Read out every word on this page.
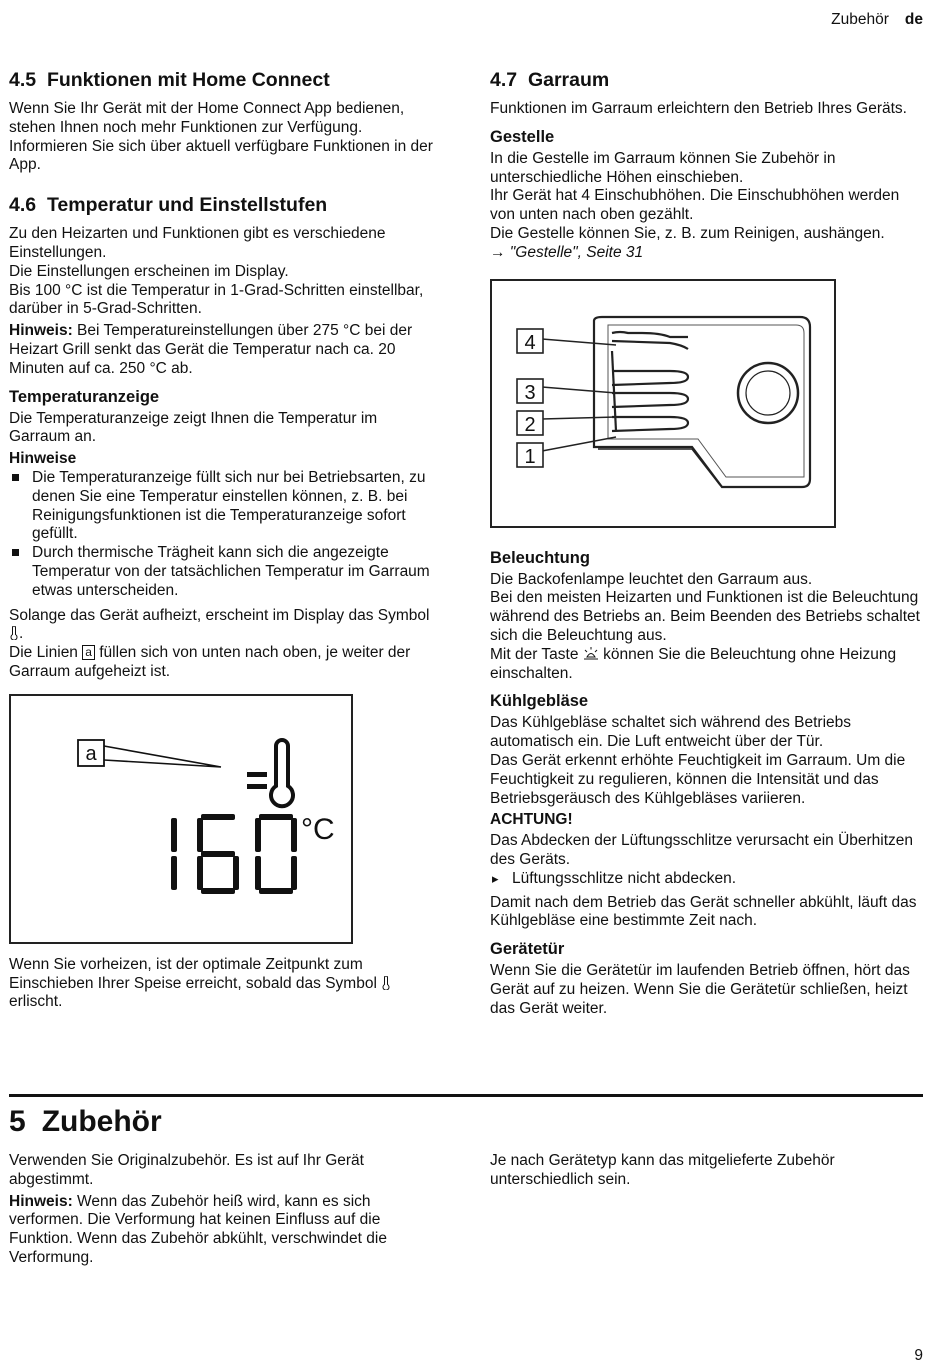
Zubehör de
4.5 Funktionen mit Home Connect

Wenn Sie Ihr Gerät mit der Home Connect App bedienen, stehen Ihnen noch mehr Funktionen zur Verfügung.

Informieren Sie sich über aktuell verfügbare Funktionen in der App.

4.6 Temperatur und Einstellstufen

Zu den Heizarten und Funktionen gibt es verschiedene Einstellungen.

Die Einstellungen erscheinen im Display.

Bis 100 °C ist die Temperatur in 1-Grad-Schritten einstellbar, darüber in 5-Grad-Schritten.

Hinweis: Bei Temperatureinstellungen über 275 °C bei der Heizart Grill senkt das Gerät die Temperatur nach ca. 20 Minuten auf ca. 250 °C ab.

Temperaturanzeige

Die Temperaturanzeige zeigt Ihnen die Temperatur im Garraum an.

Hinweise
Die Temperaturanzeige füllt sich nur bei Betriebsarten, zu denen Sie eine Temperatur einstellen können, z. B. bei Reinigungsfunktionen ist die Temperaturanzeige sofort gefüllt.
Durch thermische Trägheit kann sich die angezeigte Temperatur von der tatsächlichen Temperatur im Garraum etwas unterscheiden.

Solange das Gerät aufheizt, erscheint im Display das Symbol .

Die Linien a füllen sich von unten nach oben, je weiter der Garraum aufgeheizt ist.

a
°C

Wenn Sie vorheizen, ist der optimale Zeitpunkt zum Einschieben Ihrer Speise erreicht, sobald das Symbol  erlischt.

4.7 Garraum

Funktionen im Garraum erleichtern den Betrieb Ihres Geräts.

Gestelle

In die Gestelle im Garraum können Sie Zubehör in unterschiedliche Höhen einschieben.

Ihr Gerät hat 4 Einschubhöhen. Die Einschubhöhen werden von unten nach oben gezählt.

Die Gestelle können Sie, z. B. zum Reinigen, aushängen.

→ "Gestelle", Seite 31

4
3
2
1
Beleuchtung

Die Backofenlampe leuchtet den Garraum aus.

Bei den meisten Heizarten und Funktionen ist die Beleuchtung während des Betriebs an. Beim Beenden des Betriebs schaltet sich die Beleuchtung aus.

Mit der Taste können Sie die Beleuchtung ohne Heizung einschalten.

Kühlgebläse

Das Kühlgebläse schaltet sich während des Betriebs automatisch ein. Die Luft entweicht über der Tür.

Das Gerät erkennt erhöhte Feuchtigkeit im Garraum. Um die Feuchtigkeit zu regulieren, können die Intensität und das Betriebsgeräusch des Kühlgebläses variieren.

ACHTUNG!

Das Abdecken der Lüftungsschlitze verursacht ein Überhitzen des Geräts.

▸ Lüftungsschlitze nicht abdecken.

Damit nach dem Betrieb das Gerät schneller abkühlt, läuft das Kühlgebläse eine bestimmte Zeit nach.

Gerätetür

Wenn Sie die Gerätetür im laufenden Betrieb öffnen, hört das Gerät auf zu heizen. Wenn Sie die Gerätetür schließen, heizt das Gerät weiter.

5 Zubehör

Verwenden Sie Originalzubehör. Es ist auf Ihr Gerät abgestimmt.

Hinweis: Wenn das Zubehör heiß wird, kann es sich verformen. Die Verformung hat keinen Einfluss auf die Funktion. Wenn das Zubehör abkühlt, verschwindet die Verformung.

Je nach Gerätetyp kann das mitgelieferte Zubehör unterschiedlich sein.

9
